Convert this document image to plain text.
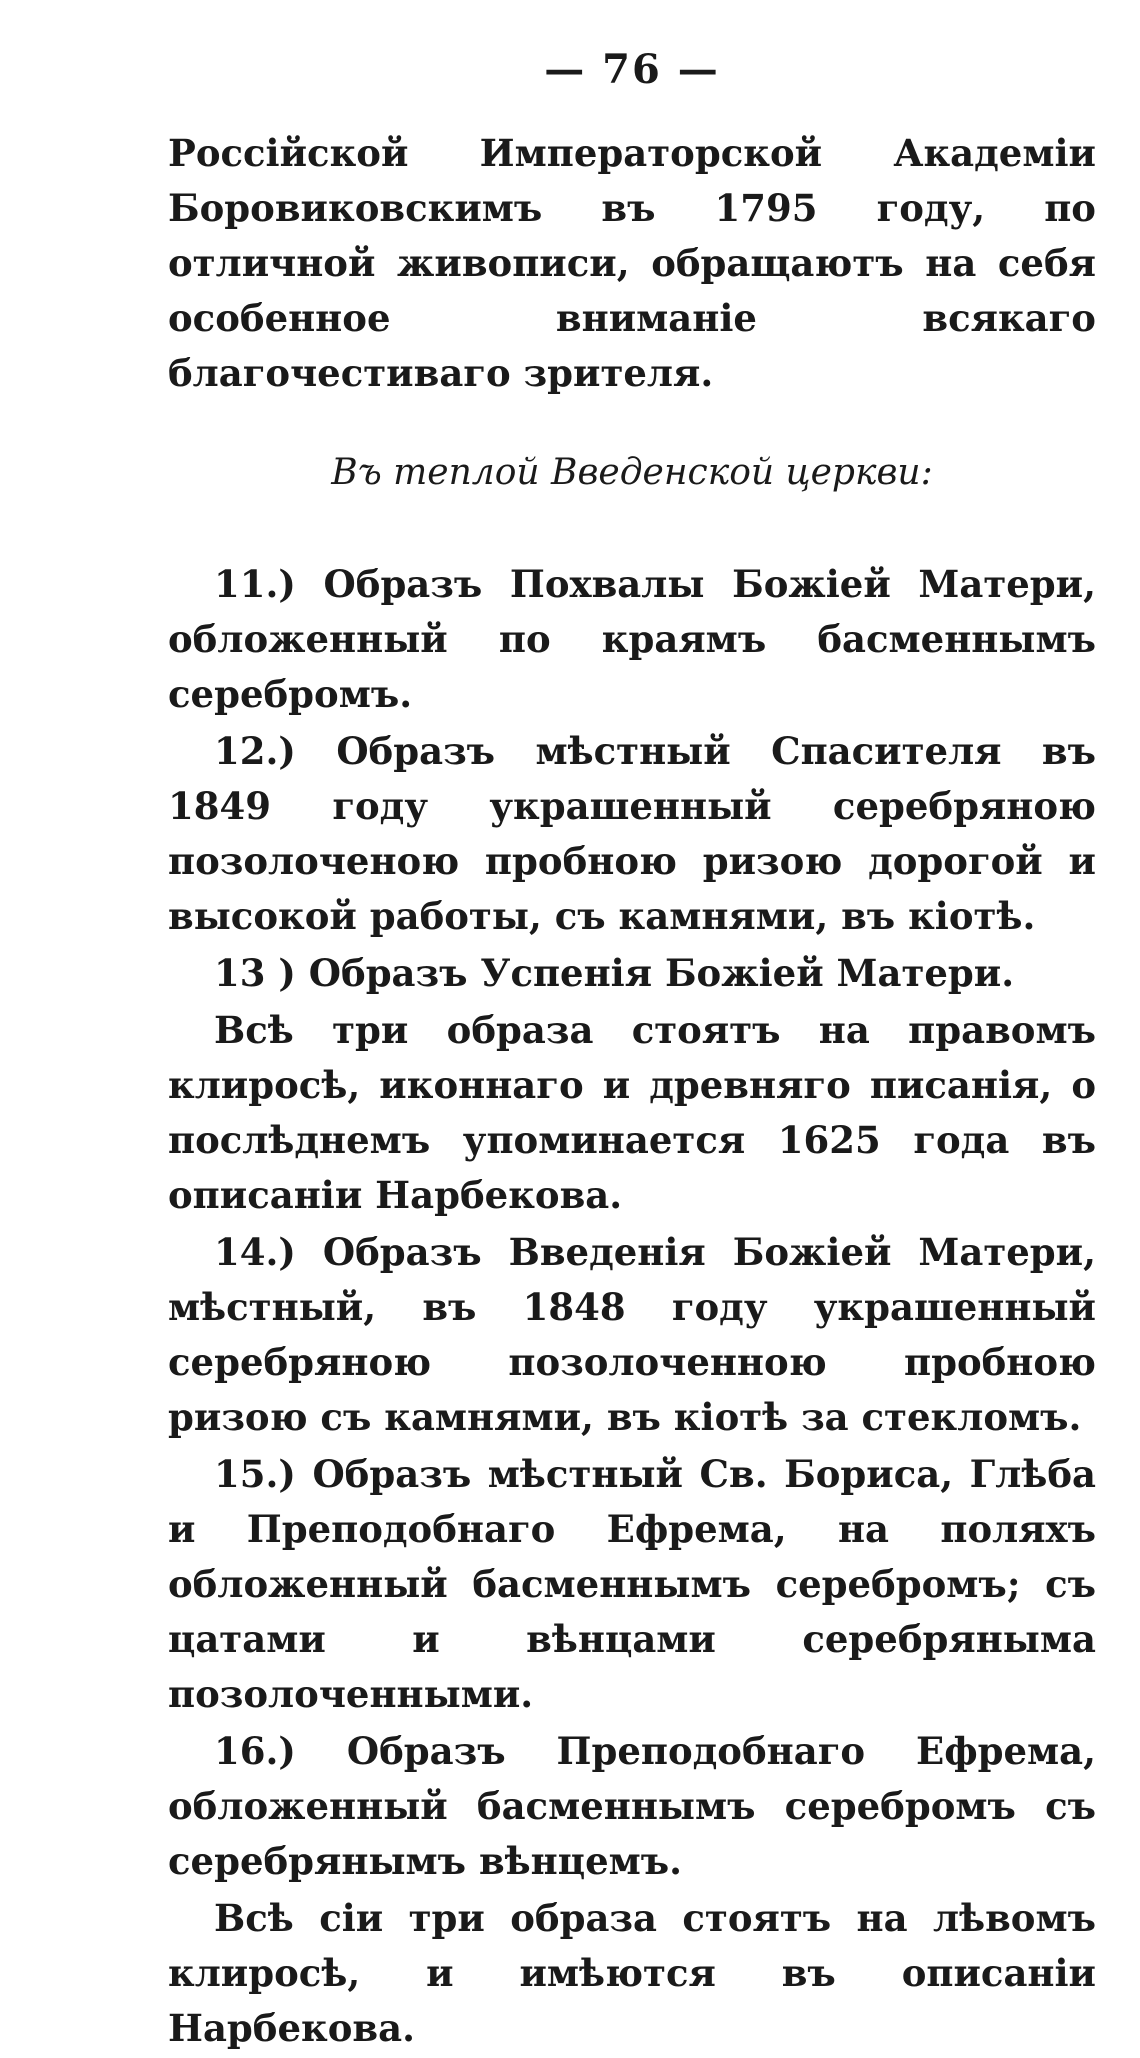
— 76 —

Россійской Императорской Академіи Боровиковскимъ въ 1795 году, по отличной живописи, обращаютъ на себя особенное вниманіе всякаго благочестиваго зрителя.

Въ теплой Введенской церкви:

11.) Образъ Похвалы Божіей Матери, обложенный по краямъ басменнымъ серебромъ.

12.) Образъ мѣстный Спасителя въ 1849 году украшенный серебряною позолоченою пробною ризою дорогой и высокой работы, съ камнями, въ кіотѣ.

13 ) Образъ Успенія Божіей Матери.

Всѣ три образа стоятъ на правомъ клиросѣ, иконнаго и древняго писанія, о послѣднемъ упоминается 1625 года въ описаніи Нарбекова.

14.) Образъ Введенія Божіей Матери, мѣстный, въ 1848 году украшенный серебряною позолоченною пробною ризою съ камнями, въ кіотѣ за стекломъ.

15.) Образъ мѣстный Св. Бориса, Глѣба и Преподобнаго Ефрема, на поляхъ обложенный басменнымъ серебромъ; съ цатами и вѣнцами серебряныма позолоченными.

16.) Образъ Преподобнаго Ефрема, обложенный басменнымъ серебромъ съ серебрянымъ вѣнцемъ.

Всѣ сіи три образа стоятъ на лѣвомъ клиросѣ, и имѣются въ описаніи Нарбекова.
